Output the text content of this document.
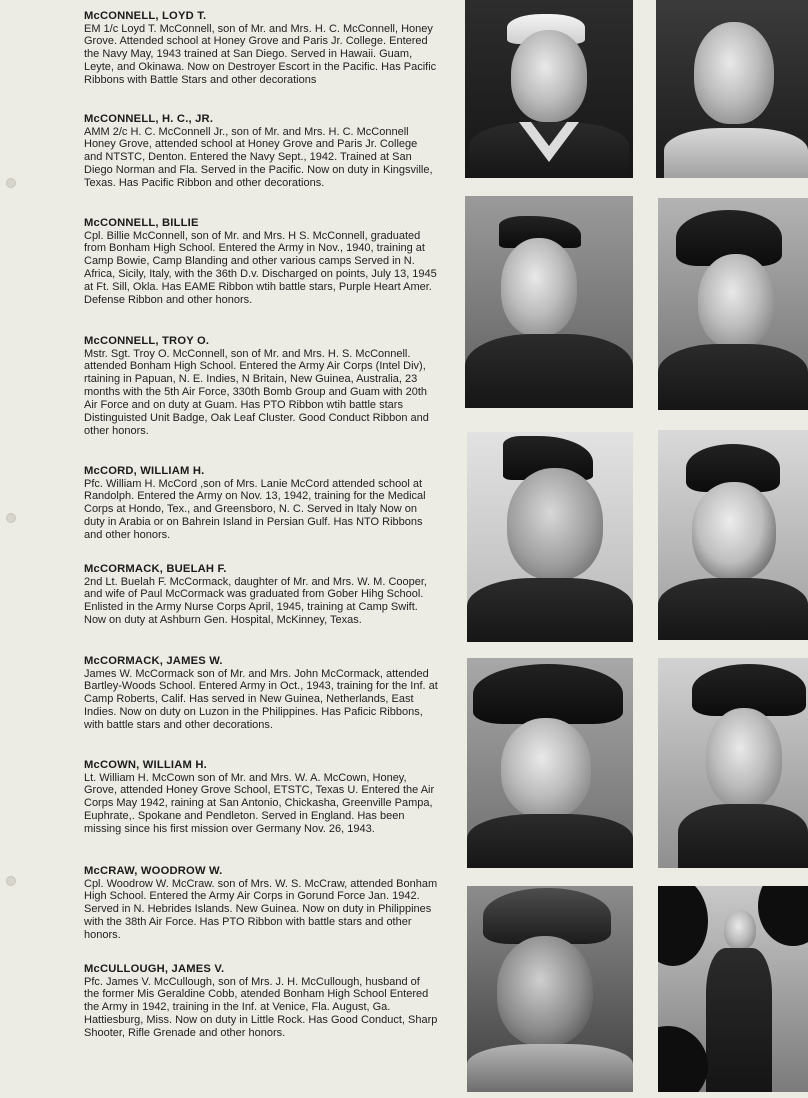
McCONNELL, LOYD T.

EM 1/c Loyd T. McConnell, son of Mr. and Mrs. H. C. McConnell, Honey Grove. Attended school at Honey Grove and Paris Jr. College. Entered the Navy May, 1943 trained at San Diego. Served in Hawaii. Guam, Leyte, and Okinawa. Now on Destroyer Escort in the Pacific. Has Pacific Ribbons with Battle Stars and other decorations

McCONNELL, H. C., JR.

AMM 2/c H. C. McConnell Jr., son of Mr. and Mrs. H. C. McConnell Honey Grove, attended school at Honey Grove and Paris Jr. College and NTSTC, Denton. Entered the Navy Sept., 1942. Trained at San Diego Norman and Fla. Served in the Pacific. Now on duty in Kingsville, Texas. Has Pacific Ribbon and other decorations.

McCONNELL, BILLIE

Cpl. Billie McConnell, son of Mr. and Mrs. H S. McConnell, graduated from Bonham High School. Entered the Army in Nov., 1940, training at Camp Bowie, Camp Blanding and other various camps Served in N. Africa, Sicily, Italy, with the 36th D.v. Discharged on points, July 13, 1945 at Ft. Sill, Okla. Has EAME Ribbon wtih battle stars, Purple Heart Amer. Defense Ribbon and other honors.

McCONNELL, TROY O.

Mstr. Sgt. Troy O. McConnell, son of Mr. and Mrs. H. S. McConnell. attended Bonham High School. Entered the Army Air Corps (Intel Div), rtaining in Papuan, N. E. Indies, N Britain, New Guinea, Australia, 23 months with the 5th Air Force, 330th Bomb Group and Guam with 20th Air Force and on duty at Guam. Has PTO Ribbon wtih battle stars Distinguisted Unit Badge, Oak Leaf Cluster. Good Conduct Ribbon and other honors.

McCORD, WILLIAM H.

Pfc. William H. McCord ,son of Mrs. Lanie McCord attended school at Randolph. Entered the Army on Nov. 13, 1942, training for the Medical Corps at Hondo, Tex., and Greensboro, N. C. Served in Italy Now on duty in Arabia or on Bahrein Island in Persian Gulf. Has NTO Ribbons and other honors.

McCORMACK, BUELAH F.

2nd Lt. Buelah F. McCormack, daughter of Mr. and Mrs. W. M. Cooper, and wife of Paul McCormack was graduated from Gober Hihg School. Enlisted in the Army Nurse Corps April, 1945, training at Camp Swift. Now on duty at Ashburn Gen. Hospital, McKinney, Texas.

McCORMACK, JAMES W.

James W. McCormack son of Mr. and Mrs. John McCormack, attended Bartley-Woods School. Entered Army in Oct., 1943, training for the Inf. at Camp Roberts, Calif. Has served in New Guinea, Netherlands, East Indies. Now on duty on Luzon in the Philippines. Has Paficic Ribbons, with battle stars and other decorations.

McCOWN, WILLIAM H.

Lt. William H. McCown son of Mr. and Mrs. W. A. McCown, Honey, Grove, attended Honey Grove School, ETSTC, Texas U. Entered the Air Corps May 1942, raining at San Antonio, Chickasha, Greenville Pampa, Euphrate,. Spokane and Pendleton. Served in England. Has been missing since his first mission over Germany Nov. 26, 1943.

McCRAW, WOODROW W.

Cpl. Woodrow W. McCraw. son of Mrs. W. S. McCraw, attended Bonham High School. Entered the Army Air Corps in Gorund Force Jan. 1942. Served in N. Hebrides Islands. New Guinea. Now on duty in Philippines with the 38th Air Force. Has PTO Ribbon with battle stars and other honors.

McCULLOUGH, JAMES V.

Pfc. James V. McCullough, son of Mrs. J. H. McCullough, husband of the former Mis Geraldine Cobb, atended Bonham High School Entered the Army in 1942, training in the Inf. at Venice, Fla. August, Ga. Hattiesburg, Miss. Now on duty in Little Rock. Has Good Conduct, Sharp Shooter, Rifle Grenade and other honors.
